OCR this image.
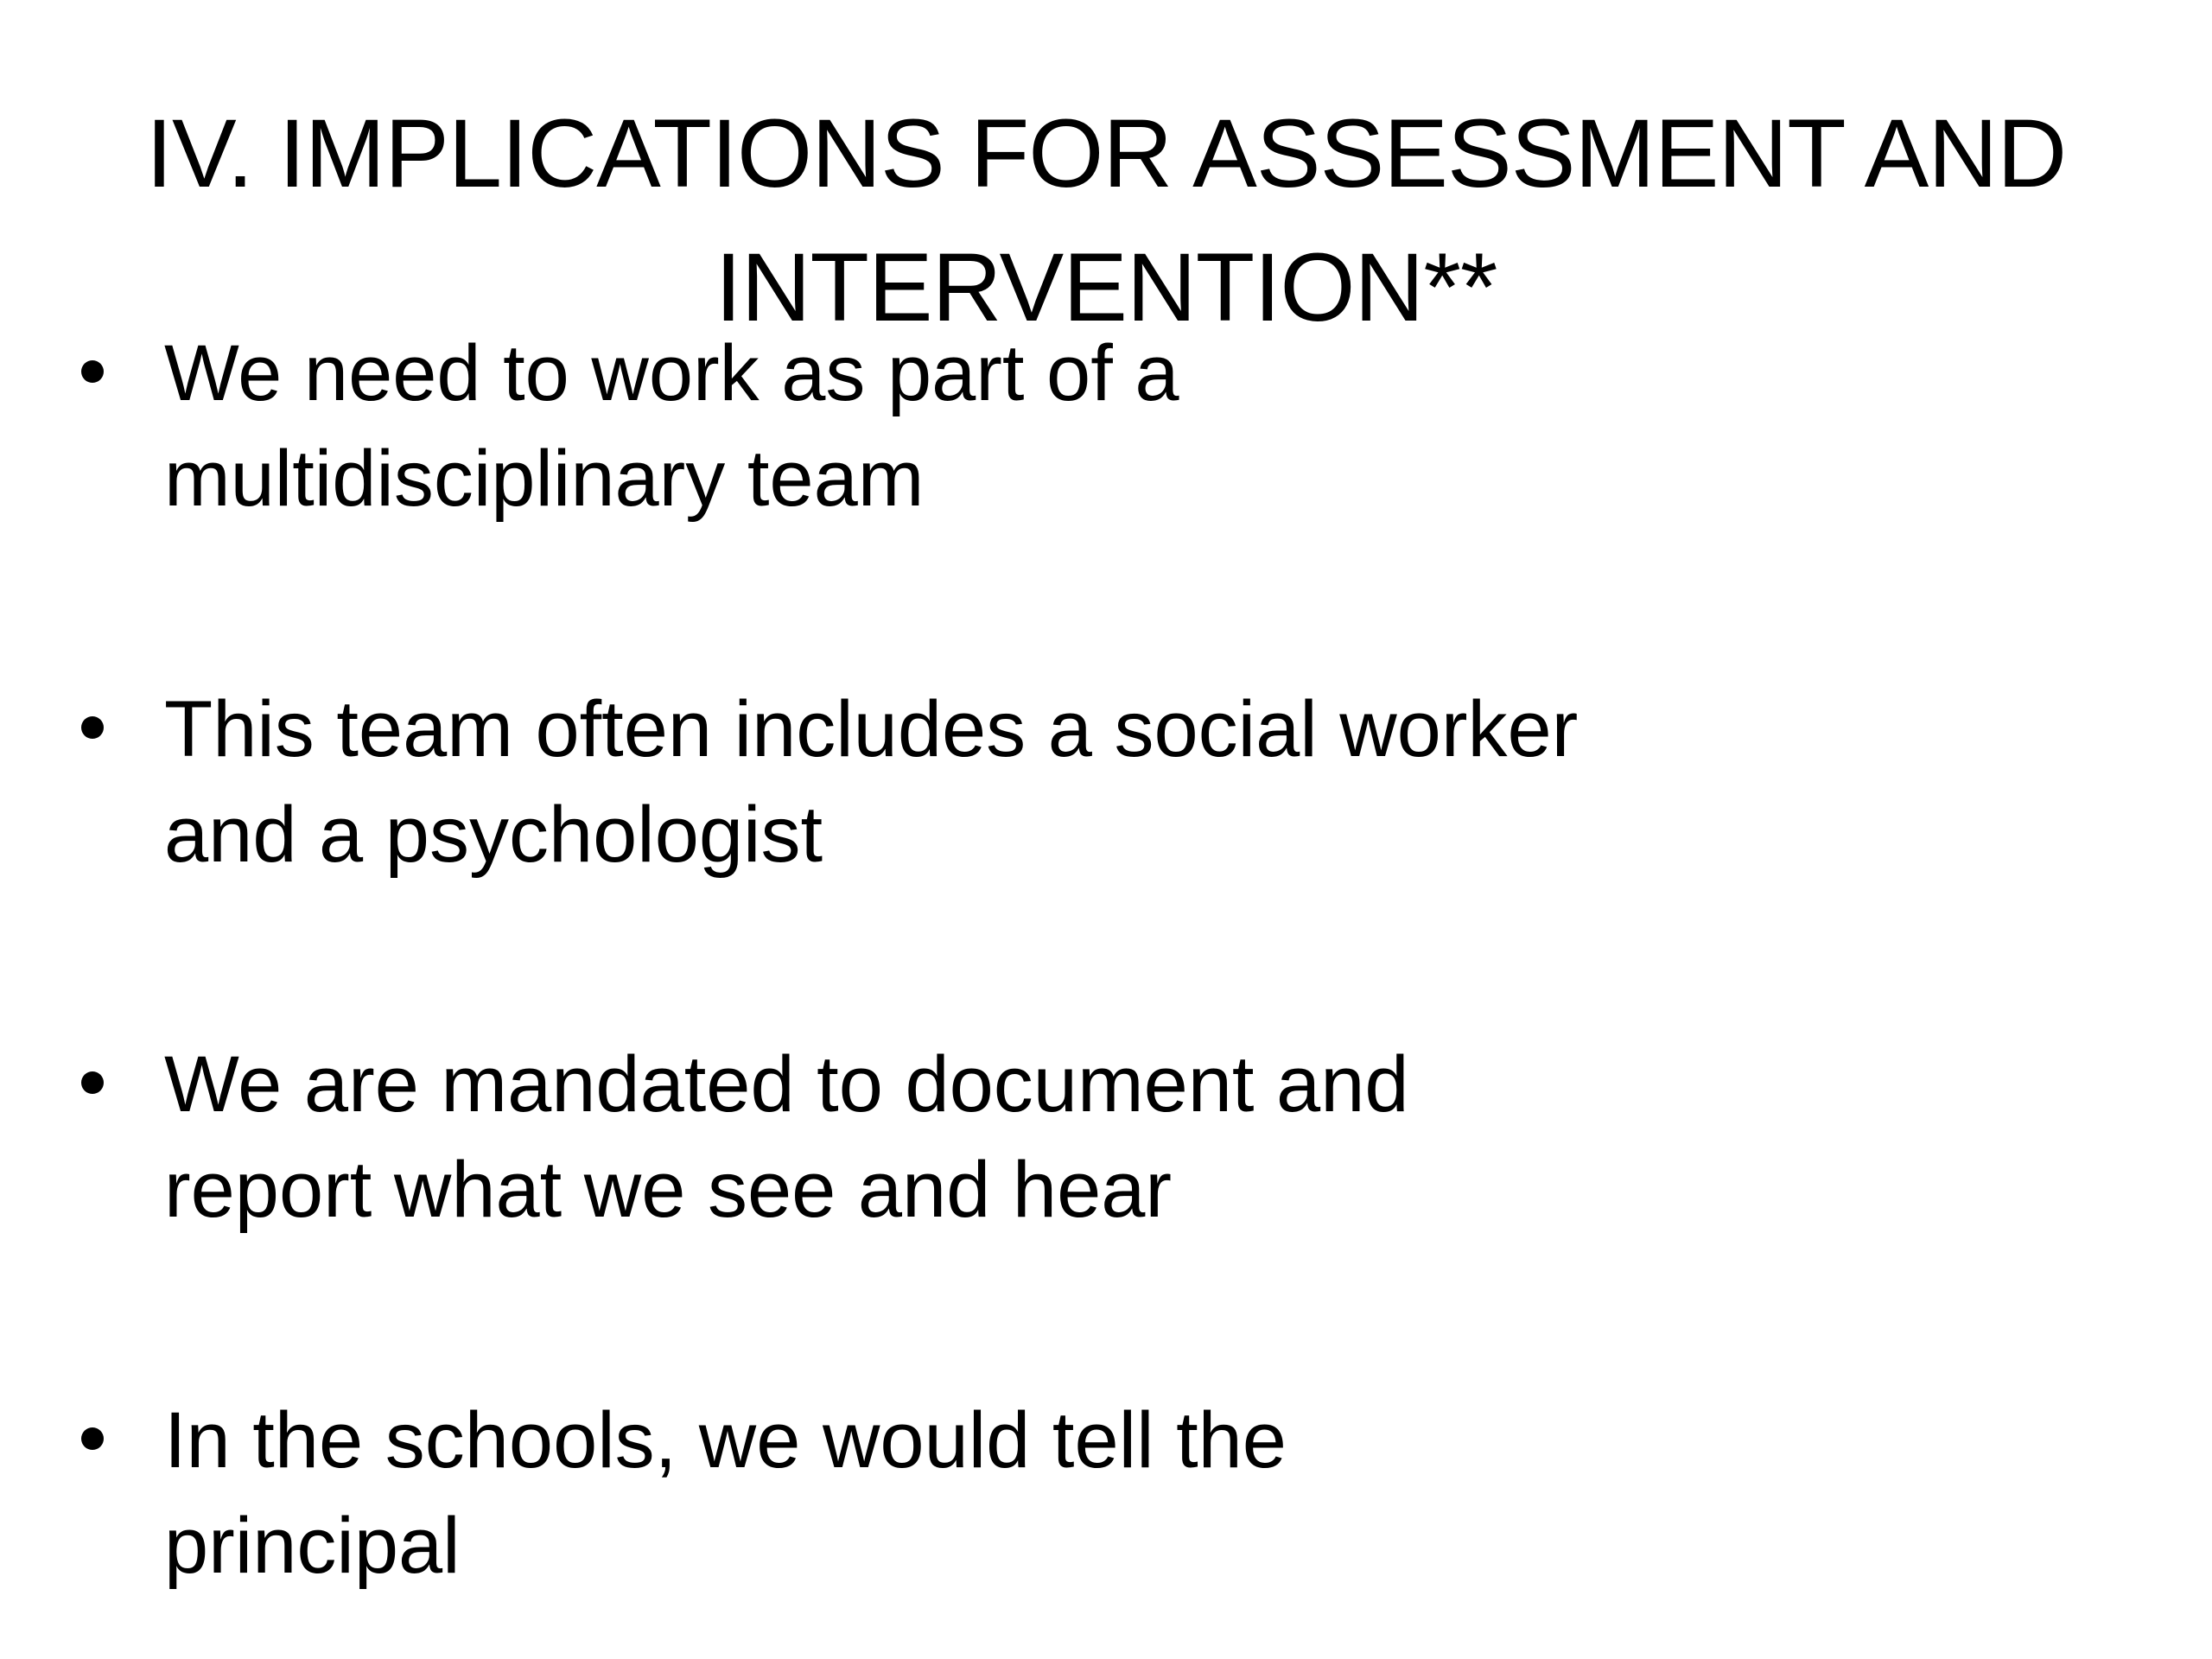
IV. IMPLICATIONS FOR ASSESSMENT AND
INTERVENTION**
We need to work as part of a
multidisciplinary team
This team often includes a social worker
and a psychologist
We are mandated to document and
report what we see and hear
In the schools, we would tell the
principal
